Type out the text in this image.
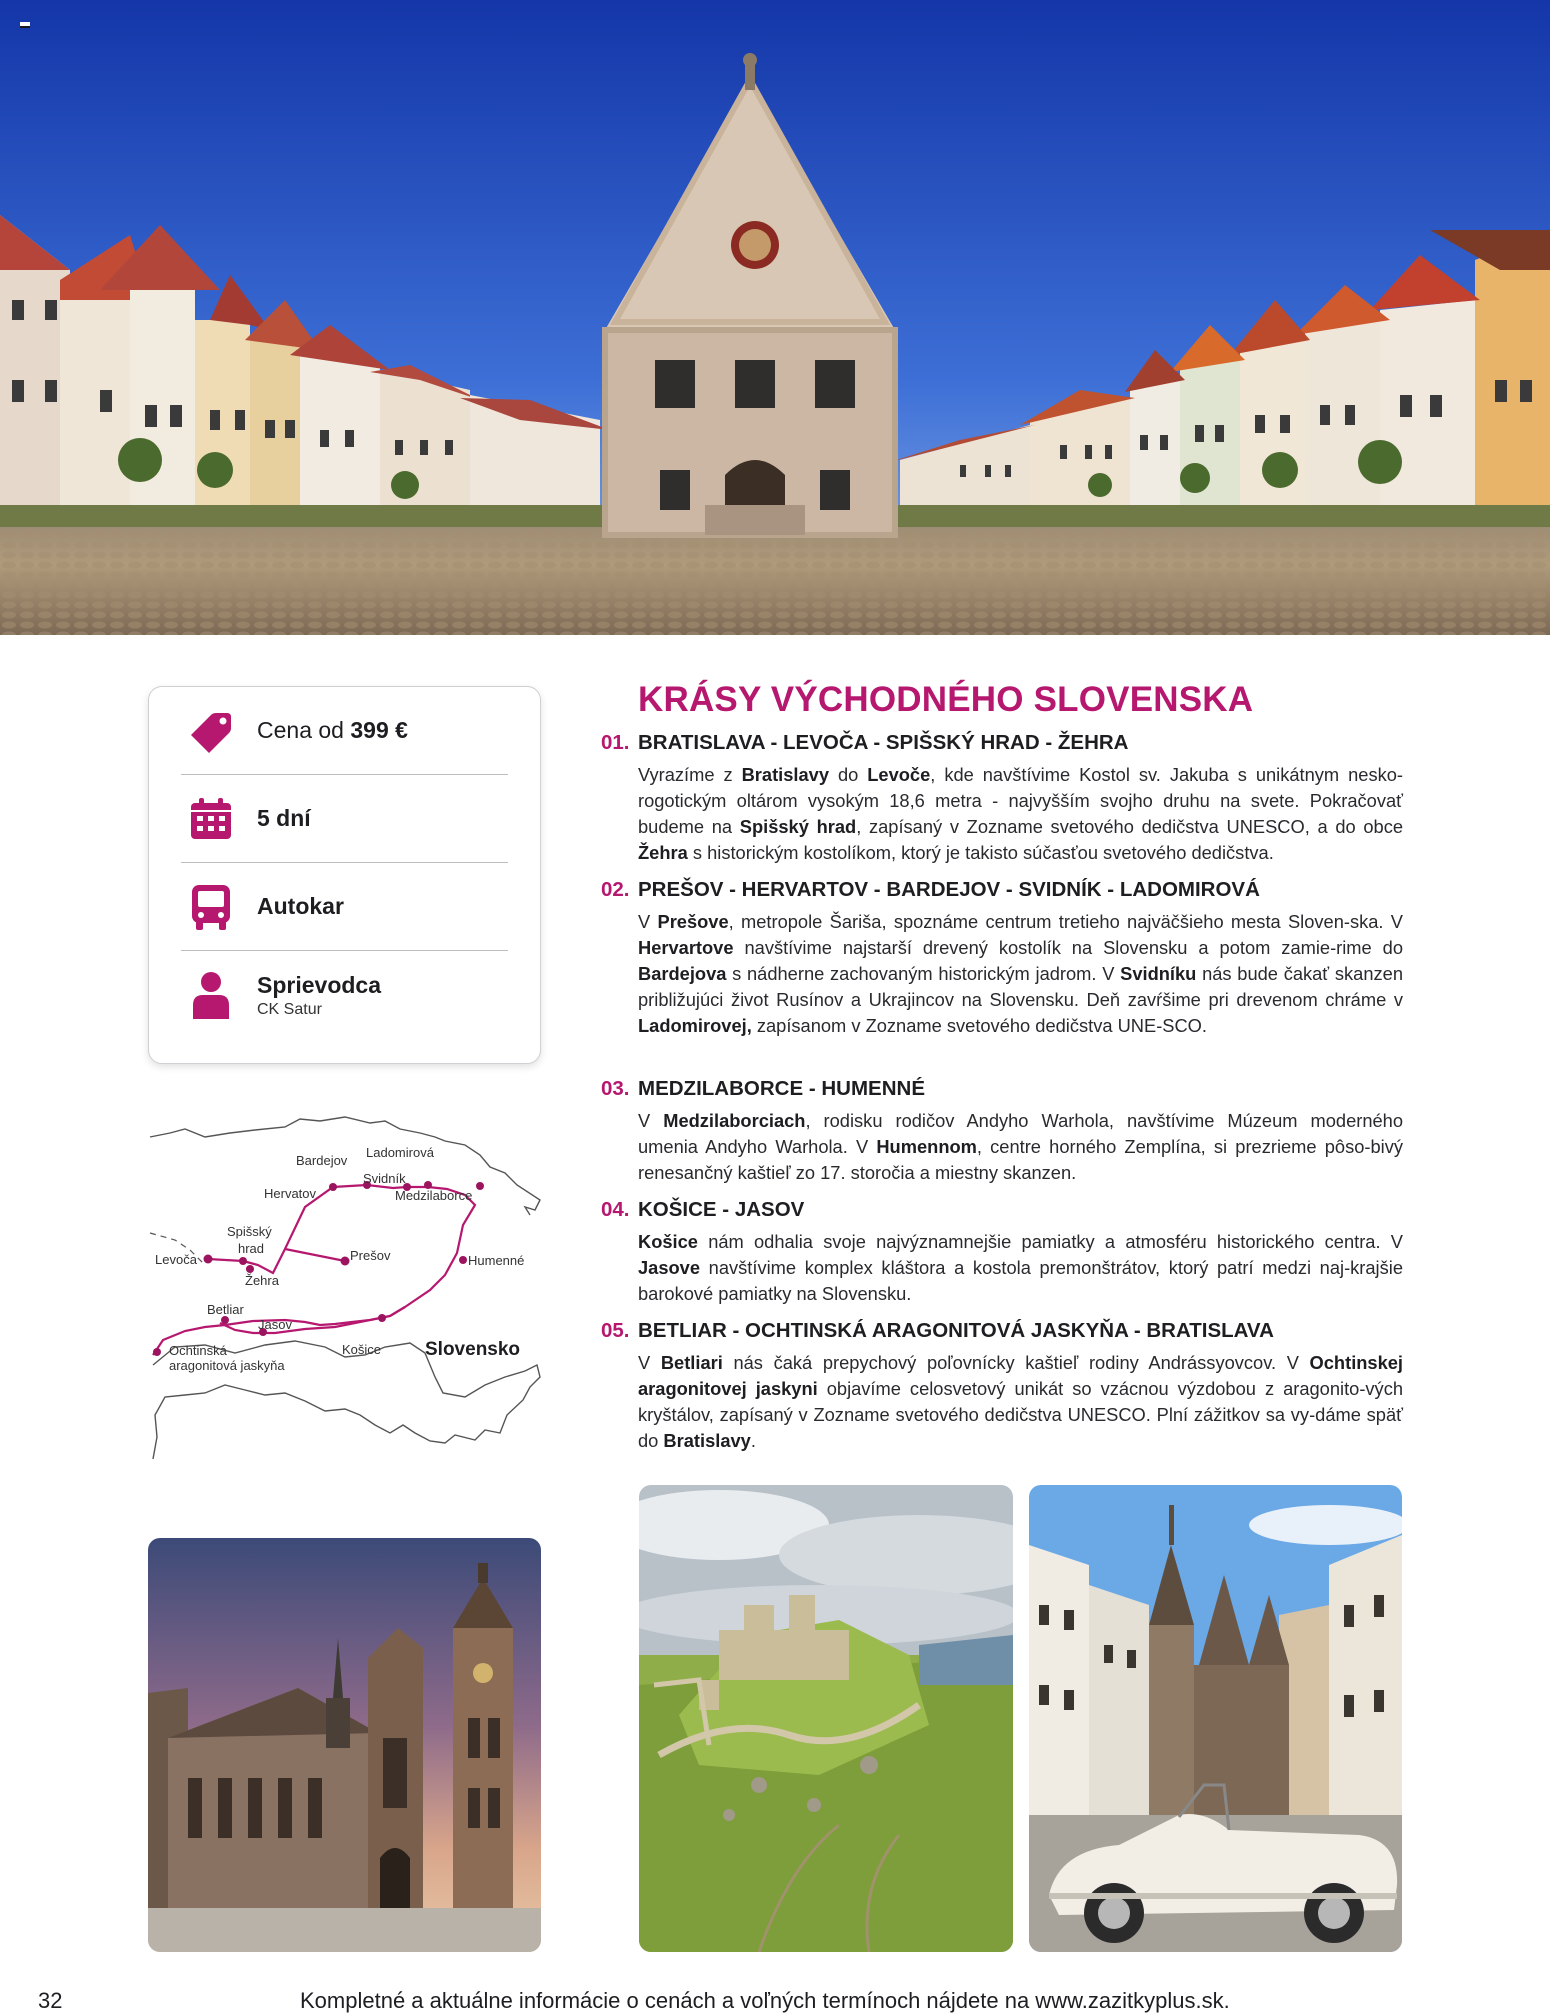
Cena od 399 €
5 dní
Autokar
Sprievodca
CK Satur
Bardejov
Ladomirová
Hervatov
Svidník
Medzilaborce
Spišský
hrad
Levoča
Žehra
Prešov	Humenné
Betliar
Jasov
Ochtinská
aragonitová jaskyňa
Košice Slovensko
KRÁSY VÝCHODNÉHO SLOVENSKA
01. BRATISLAVA - LEVOČA - SPIŠSKÝ HRAD - ŽEHRA

Vyrazíme z Bratislavy do Levoče, kde navštívime Kostol sv. Jakuba s unikátnym nesko-rogotickým oltárom vysokým 18,6 metra - najvyšším svojho druhu na svete. Pokračovať budeme na Spišský hrad, zapísaný v Zozname svetového dedičstva UNESCO, a do obce Žehra s historickým kostolíkom, ktorý je takisto súčasťou svetového dedičstva.

02. PREŠOV - HERVARTOV - BARDEJOV - SVIDNÍK - LADOMIROVÁ

V Prešove, metropole Šariša, spoznáme centrum tretieho najväčšieho mesta Sloven-ska. V Hervartove navštívime najstarší drevený kostolík na Slovensku a potom zamie-rime do Bardejova s nádherne zachovaným historickým jadrom. V Svidníku nás bude čakať skanzen približujúci život Rusínov a Ukrajincov na Slovensku. Deň zavŕšime pri drevenom chráme v Ladomirovej, zapísanom v Zozname svetového dedičstva UNE-SCO.

03. MEDZILABORCE - HUMENNÉ

V Medzilaborciach, rodisku rodičov Andyho Warhola, navštívime Múzeum moderného umenia Andyho Warhola. V Humennom, centre horného Zemplína, si prezrieme pôso-bivý renesančný kaštieľ zo 17. storočia a miestny skanzen.

04. KOŠICE - JASOV

Košice nám odhalia svoje najvýznamnejšie pamiatky a atmosféru historického centra. V Jasove navštívime komplex kláštora a kostola premonštrátov, ktorý patrí medzi naj-krajšie barokové pamiatky na Slovensku.

05. BETLIAR - OCHTINSKÁ ARAGONITOVÁ JASKYŇA - BRATISLAVA

V Betliari nás čaká prepychový poľovnícky kaštieľ rodiny Andrássyovcov. V Ochtinskej aragonitovej jaskyni objavíme celosvetový unikát so vzácnou výzdobou z aragonito-vých kryštálov, zapísaný v Zozname svetového dedičstva UNESCO. Plní zážitkov sa vy-dáme späť do Bratislavy.

32	Kompletné a aktuálne informácie o cenách a voľných termínoch nájdete na www.zazitkyplus.sk.
